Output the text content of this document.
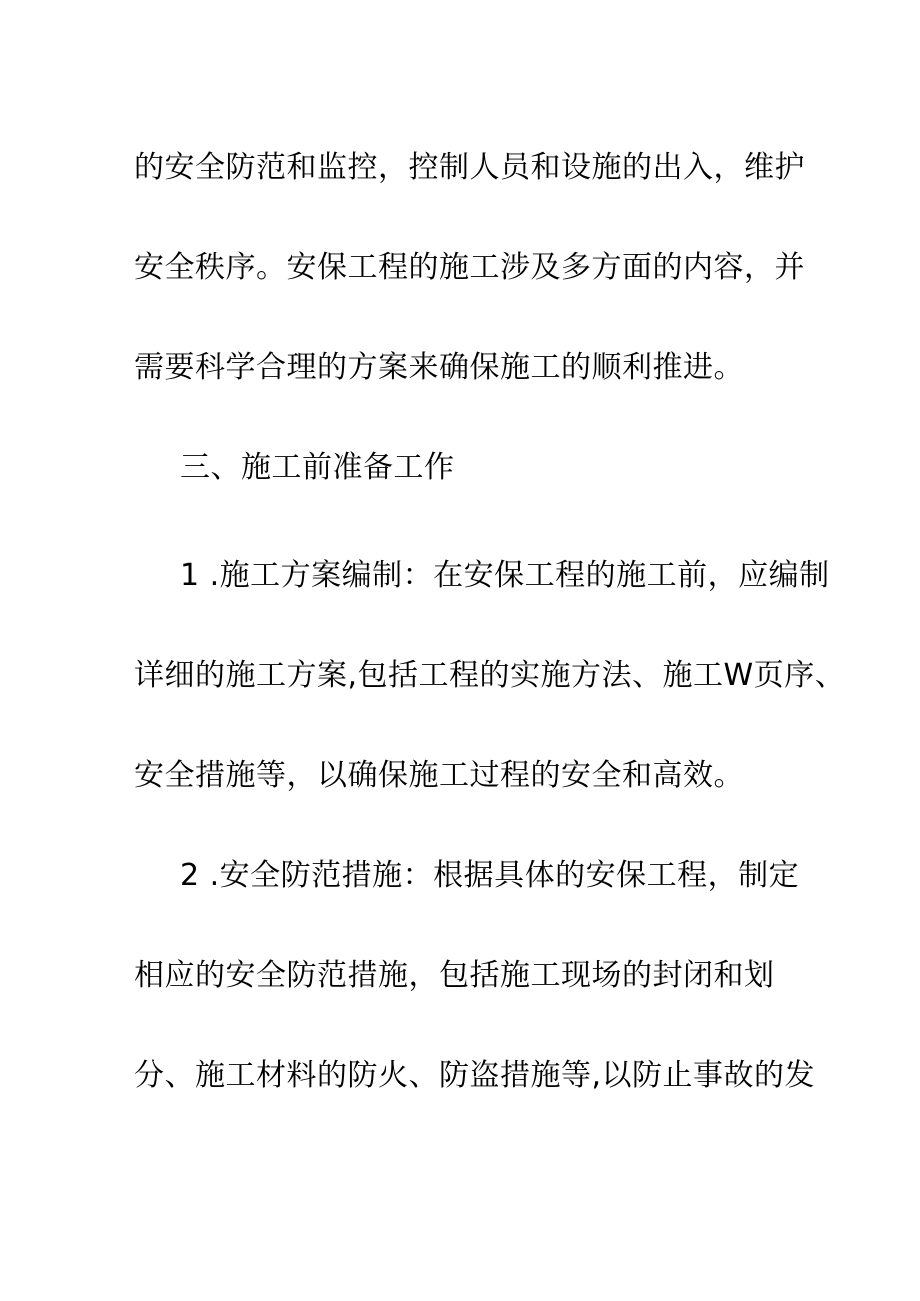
的安全防范和监控，控制人员和设施的出入，维护
安全秩序。安保工程的施工涉及多方面的内容，并
需要科学合理的方案来确保施工的顺利推进。
三、施工前准备工作
1 .施工方案编制：在安保工程的施工前，应编制
详细的施工方案,包括工程的实施方法、施工W页序、
安全措施等，以确保施工过程的安全和高效。
2 .安全防范措施：根据具体的安保工程，制定
相应的安全防范措施，包括施工现场的封闭和划
分、施工材料的防火、防盗措施等,以防止事故的发
